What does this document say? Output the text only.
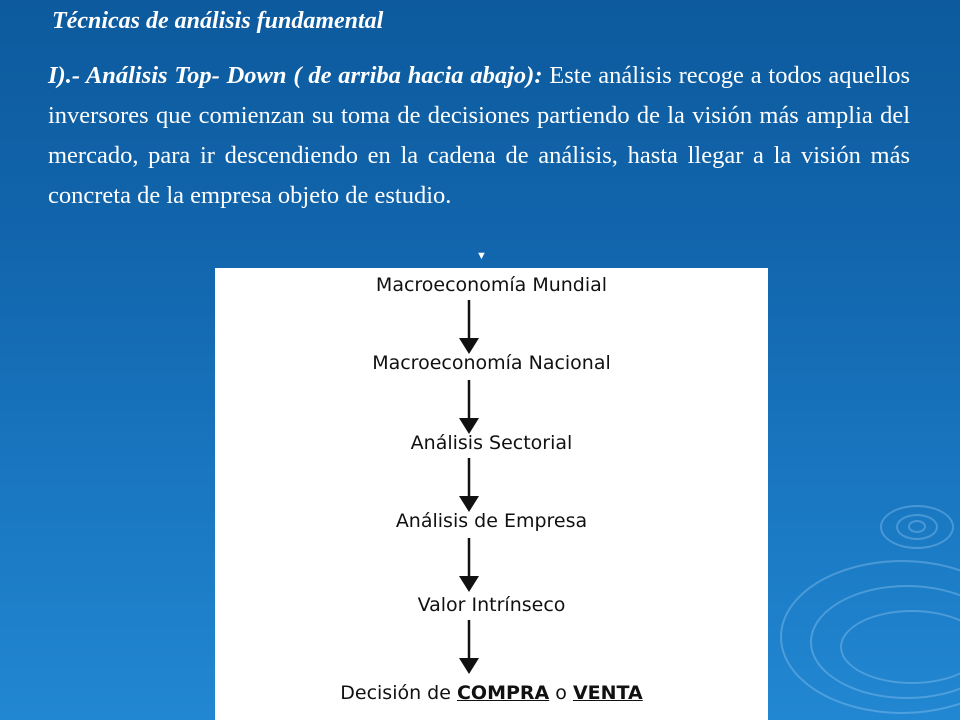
Técnicas de análisis fundamental

I).- Análisis Top- Down ( de arriba hacia abajo): Este análisis recoge a todos aquellos inversores que comienzan su toma de decisiones partiendo de la visión más amplia del mercado, para ir descendiendo en la cadena de análisis, hasta llegar a la visión más concreta de la empresa objeto de estudio.

▼

Macroeconomía Mundial

Macroeconomía Nacional

Análisis Sectorial

Análisis de Empresa

Valor Intrínseco

Decisión de COMPRA o VENTA
